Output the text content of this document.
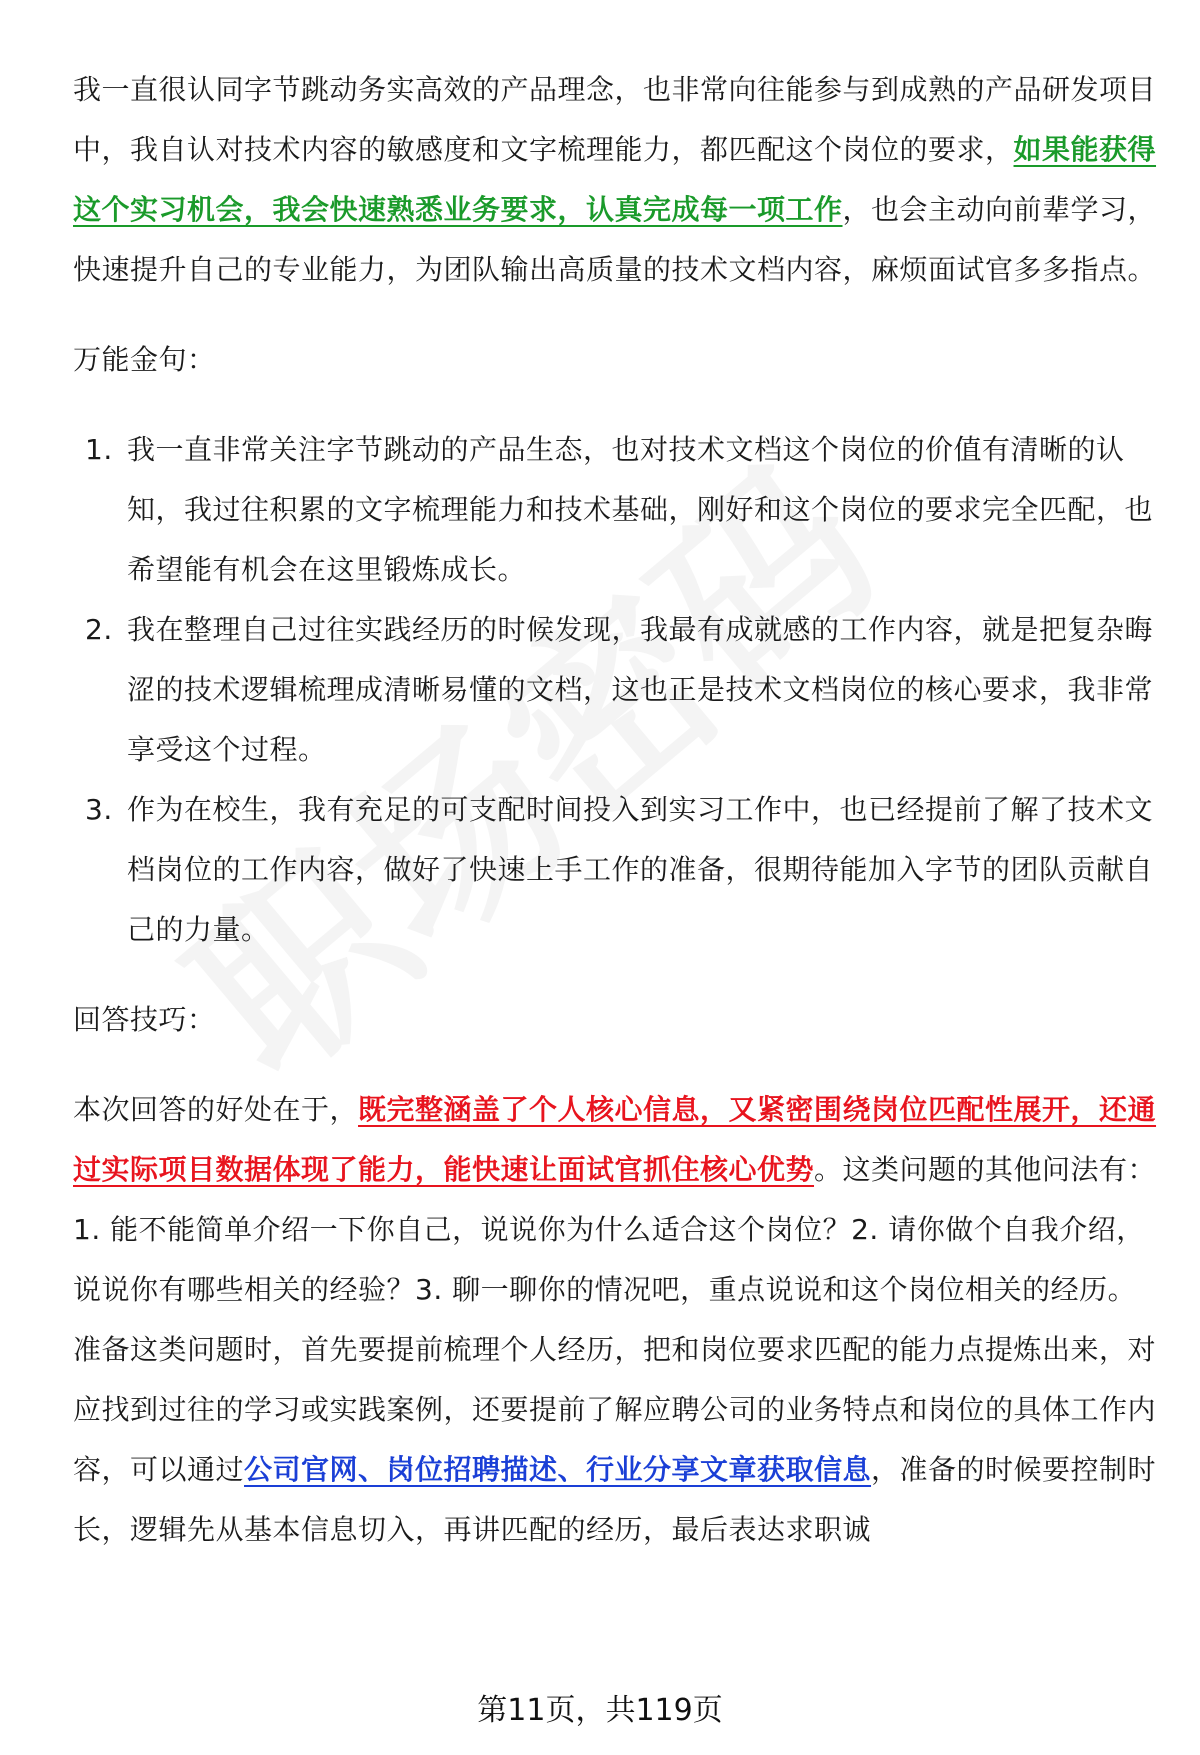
我一直很认同字节跳动务实高效的产品理念，也非常向往能参与到成熟的产品研发项目中，我自认对技术内容的敏感度和文字梳理能力，都匹配这个岗位的要求，如果能获得这个实习机会，我会快速熟悉业务要求，认真完成每一项工作，也会主动向前辈学习，快速提升自己的专业能力，为团队输出高质量的技术文档内容，麻烦面试官多多指点。

万能金句：

1. 我一直非常关注字节跳动的产品生态，也对技术文档这个岗位的价值有清晰的认知，我过往积累的文字梳理能力和技术基础，刚好和这个岗位的要求完全匹配，也希望能有机会在这里锻炼成长。
2. 我在整理自己过往实践经历的时候发现，我最有成就感的工作内容，就是把复杂晦涩的技术逻辑梳理成清晰易懂的文档，这也正是技术文档岗位的核心要求，我非常享受这个过程。
3. 作为在校生，我有充足的可支配时间投入到实习工作中，也已经提前了解了技术文档岗位的工作内容，做好了快速上手工作的准备，很期待能加入字节的团队贡献自己的力量。

回答技巧：

本次回答的好处在于，既完整涵盖了个人核心信息，又紧密围绕岗位匹配性展开，还通过实际项目数据体现了能力，能快速让面试官抓住核心优势。这类问题的其他问法有：1. 能不能简单介绍一下你自己，说说你为什么适合这个岗位？2. 请你做个自我介绍，说说你有哪些相关的经验？3. 聊一聊你的情况吧，重点说说和这个岗位相关的经历。

准备这类问题时，首先要提前梳理个人经历，把和岗位要求匹配的能力点提炼出来，对应找到过往的学习或实践案例，还要提前了解应聘公司的业务特点和岗位的具体工作内容，可以通过公司官网、岗位招聘描述、行业分享文章获取信息，准备的时候要控制时长，逻辑先从基本信息切入，再讲匹配的经历，最后表达求职诚

第11页，共119页
